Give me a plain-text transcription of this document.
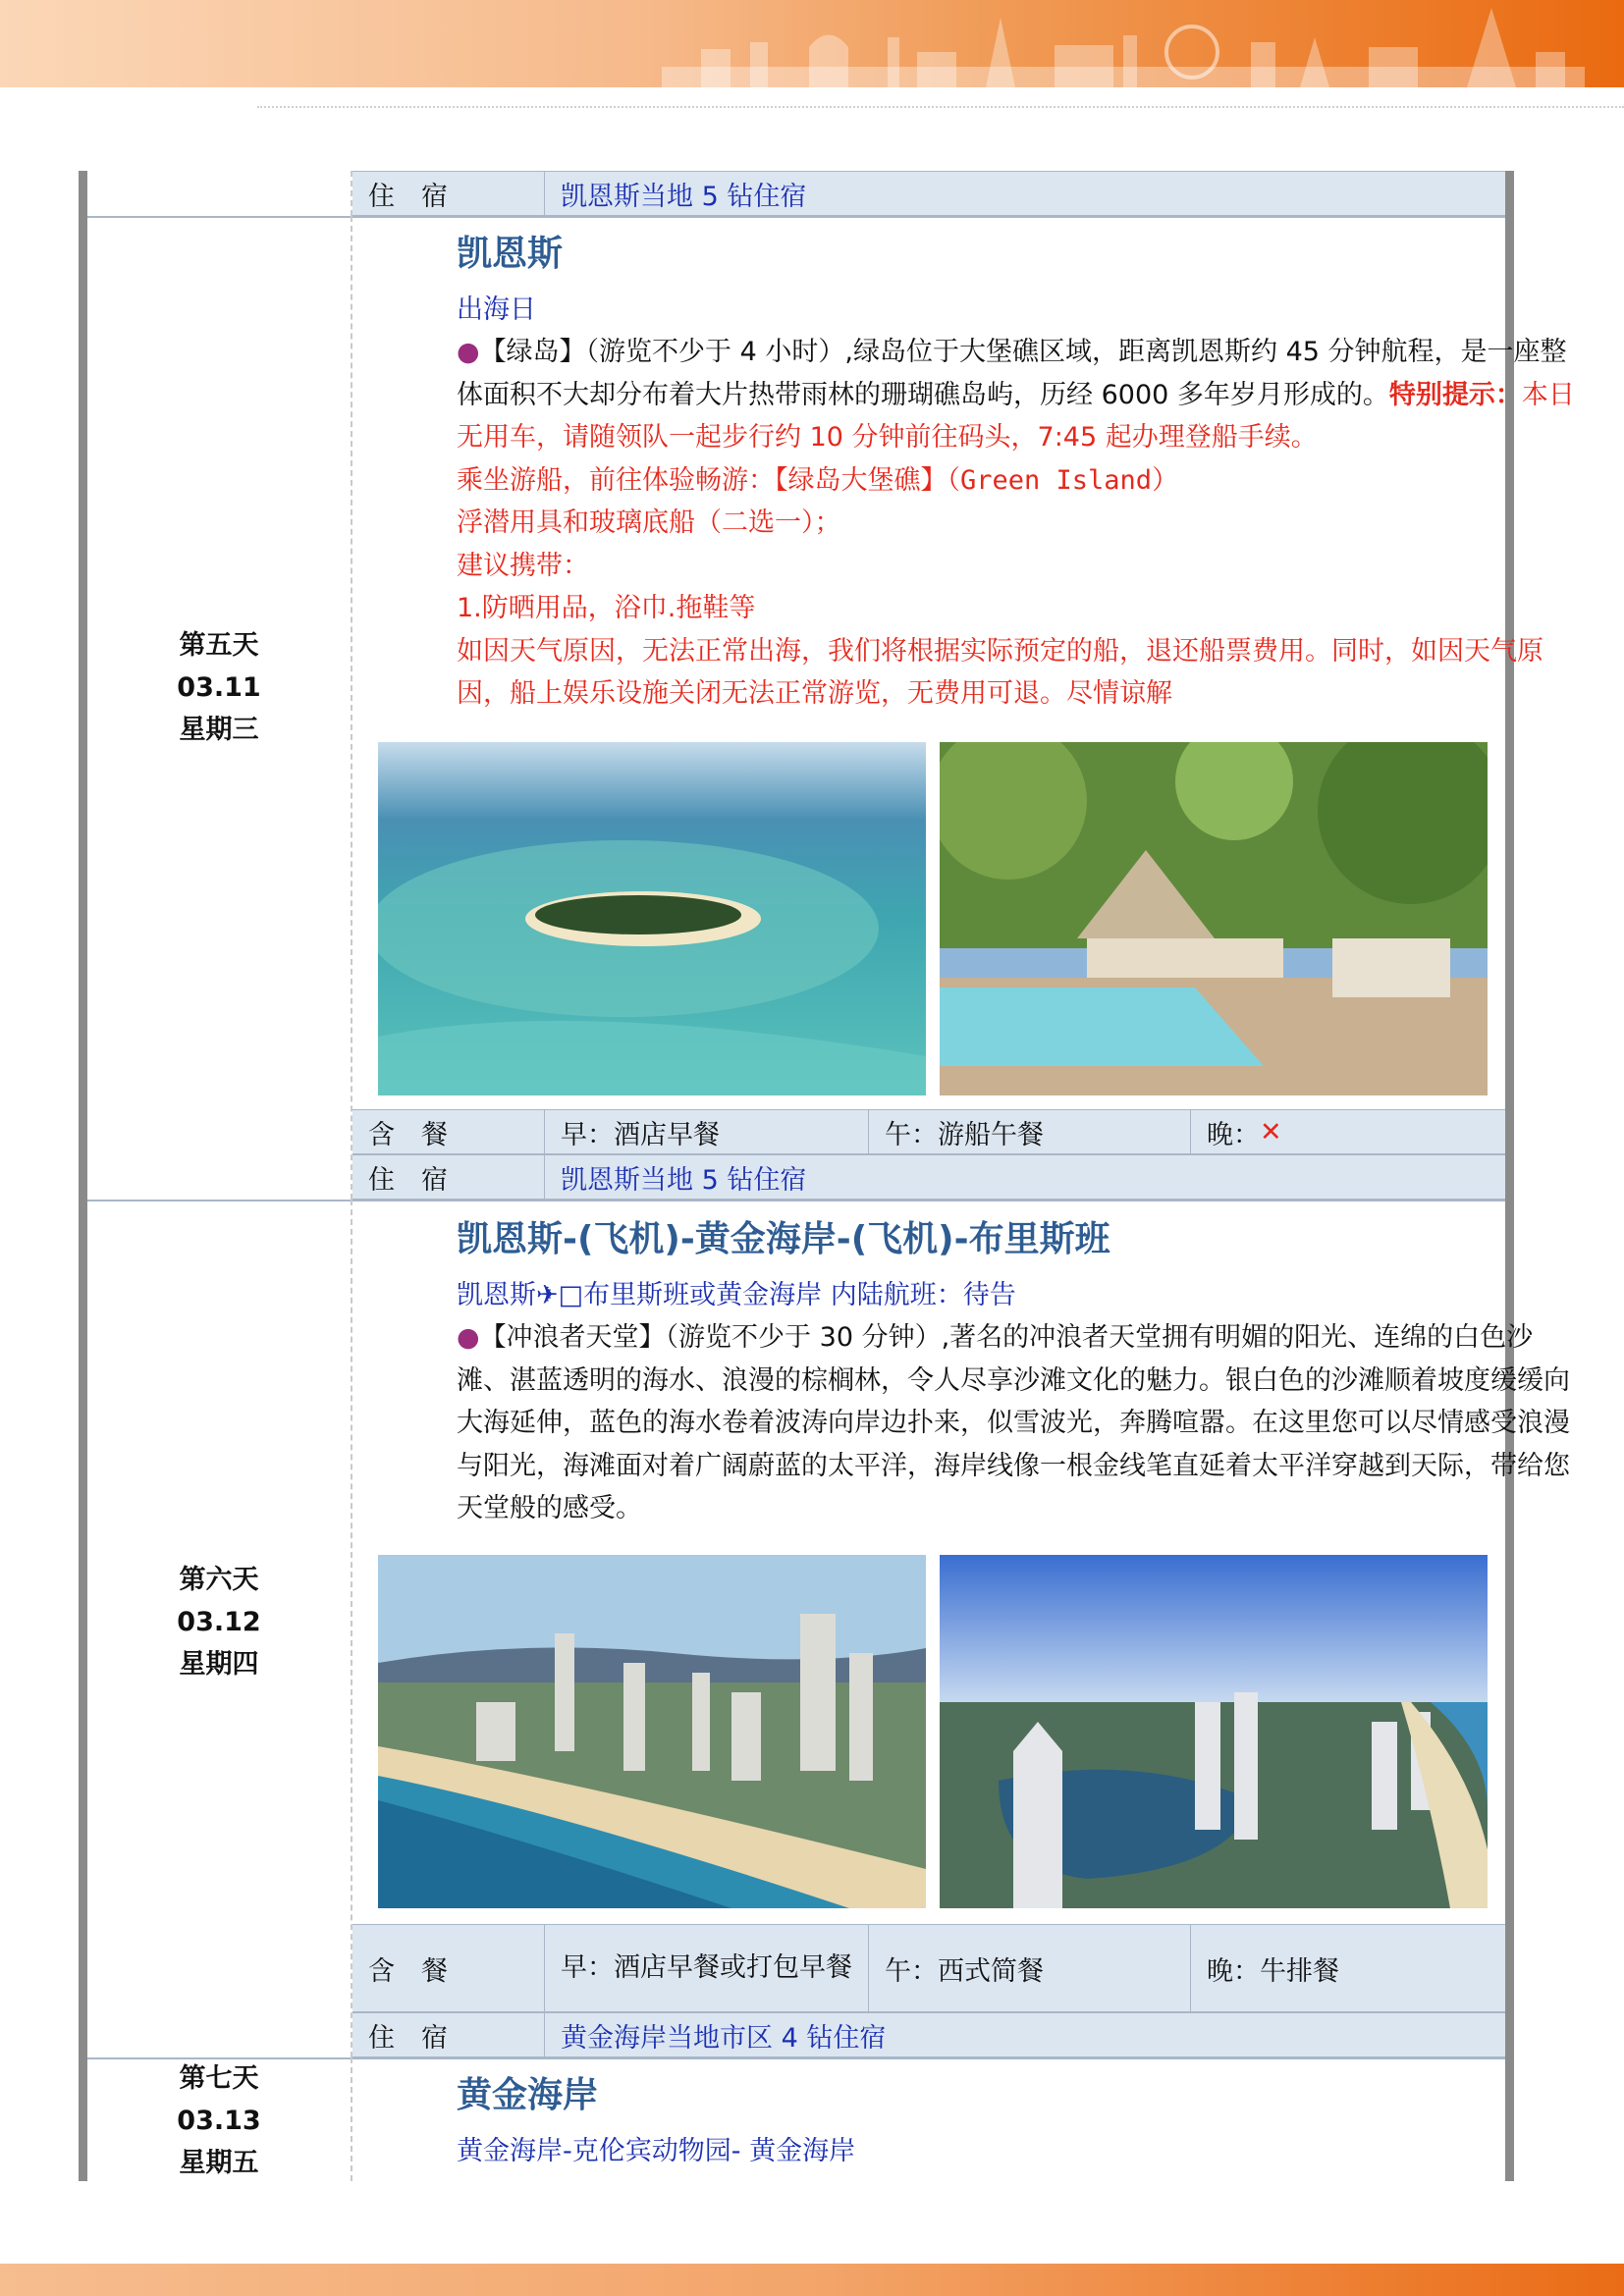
住　宿	凯恩斯当地 5 钻住宿
第五天
03.11
星期三
凯恩斯
出海日

●【绿岛】（游览不少于 4 小时）,绿岛位于大堡礁区域，距离凯恩斯约 45 分钟航程，是一座整体面积不大却分布着大片热带雨林的珊瑚礁岛屿，历经 6000 多年岁月形成的。特别提示：本日无用车，请随领队一起步行约 10 分钟前往码头，7:45 起办理登船手续。

乘坐游船，前往体验畅游：【绿岛大堡礁】（Green Island）

浮潜用具和玻璃底船（二选一）；

建议携带：

1.防晒用品，浴巾.拖鞋等

如因天气原因，无法正常出海，我们将根据实际预定的船，退还船票费用。同时，如因天气原因，船上娱乐设施关闭无法正常游览，无费用可退。尽情谅解

含　餐	早：酒店早餐	午：游船午餐	晚： ✕
住　宿	凯恩斯当地 5 钻住宿
第六天
03.12
星期四
凯恩斯-(飞机)-黄金海岸-(飞机)-布里斯班
凯恩斯✈□布里斯班或黄金海岸 内陆航班：待告

●【冲浪者天堂】（游览不少于 30 分钟）,著名的冲浪者天堂拥有明媚的阳光、连绵的白色沙滩、湛蓝透明的海水、浪漫的棕榈林，令人尽享沙滩文化的魅力。银白色的沙滩顺着坡度缓缓向大海延伸，蓝色的海水卷着波涛向岸边扑来，似雪波光，奔腾喧嚣。在这里您可以尽情感受浪漫与阳光，海滩面对着广阔蔚蓝的太平洋，海岸线像一根金线笔直延着太平洋穿越到天际，带给您天堂般的感受。

含　餐	早：酒店早餐或打包早餐	午：西式简餐	晚：牛排餐
住　宿	黄金海岸当地市区 4 钻住宿
第七天
03.13
星期五
黄金海岸
黄金海岸-克伦宾动物园- 黄金海岸
